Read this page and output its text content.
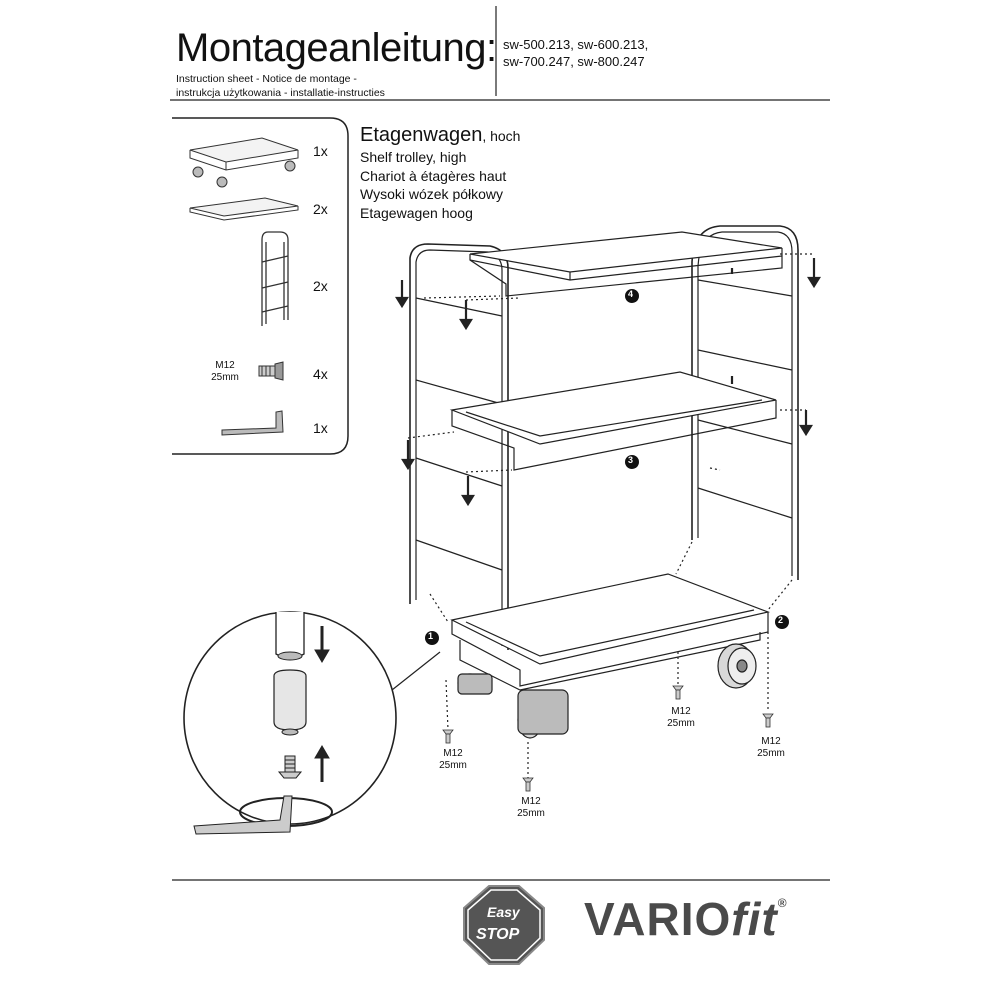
Montageanleitung: sw-500.213, sw-600.213,
sw-700.247, sw-800.247
Instruction sheet - Notice de montage -
instrukcja użytkowania - installatie-instructies
Etagenwagen, hoch
Shelf trolley, high
Chariot à étagères haut
Wysoki wózek półkowy
Etagewagen hoog
1x
2x
2x
4x
1x
M12
25mm
1
2
3
4
M12
25mm
M12
25mm
M12
25mm
M12
25mm
Easy
STOP VARIOfit®
